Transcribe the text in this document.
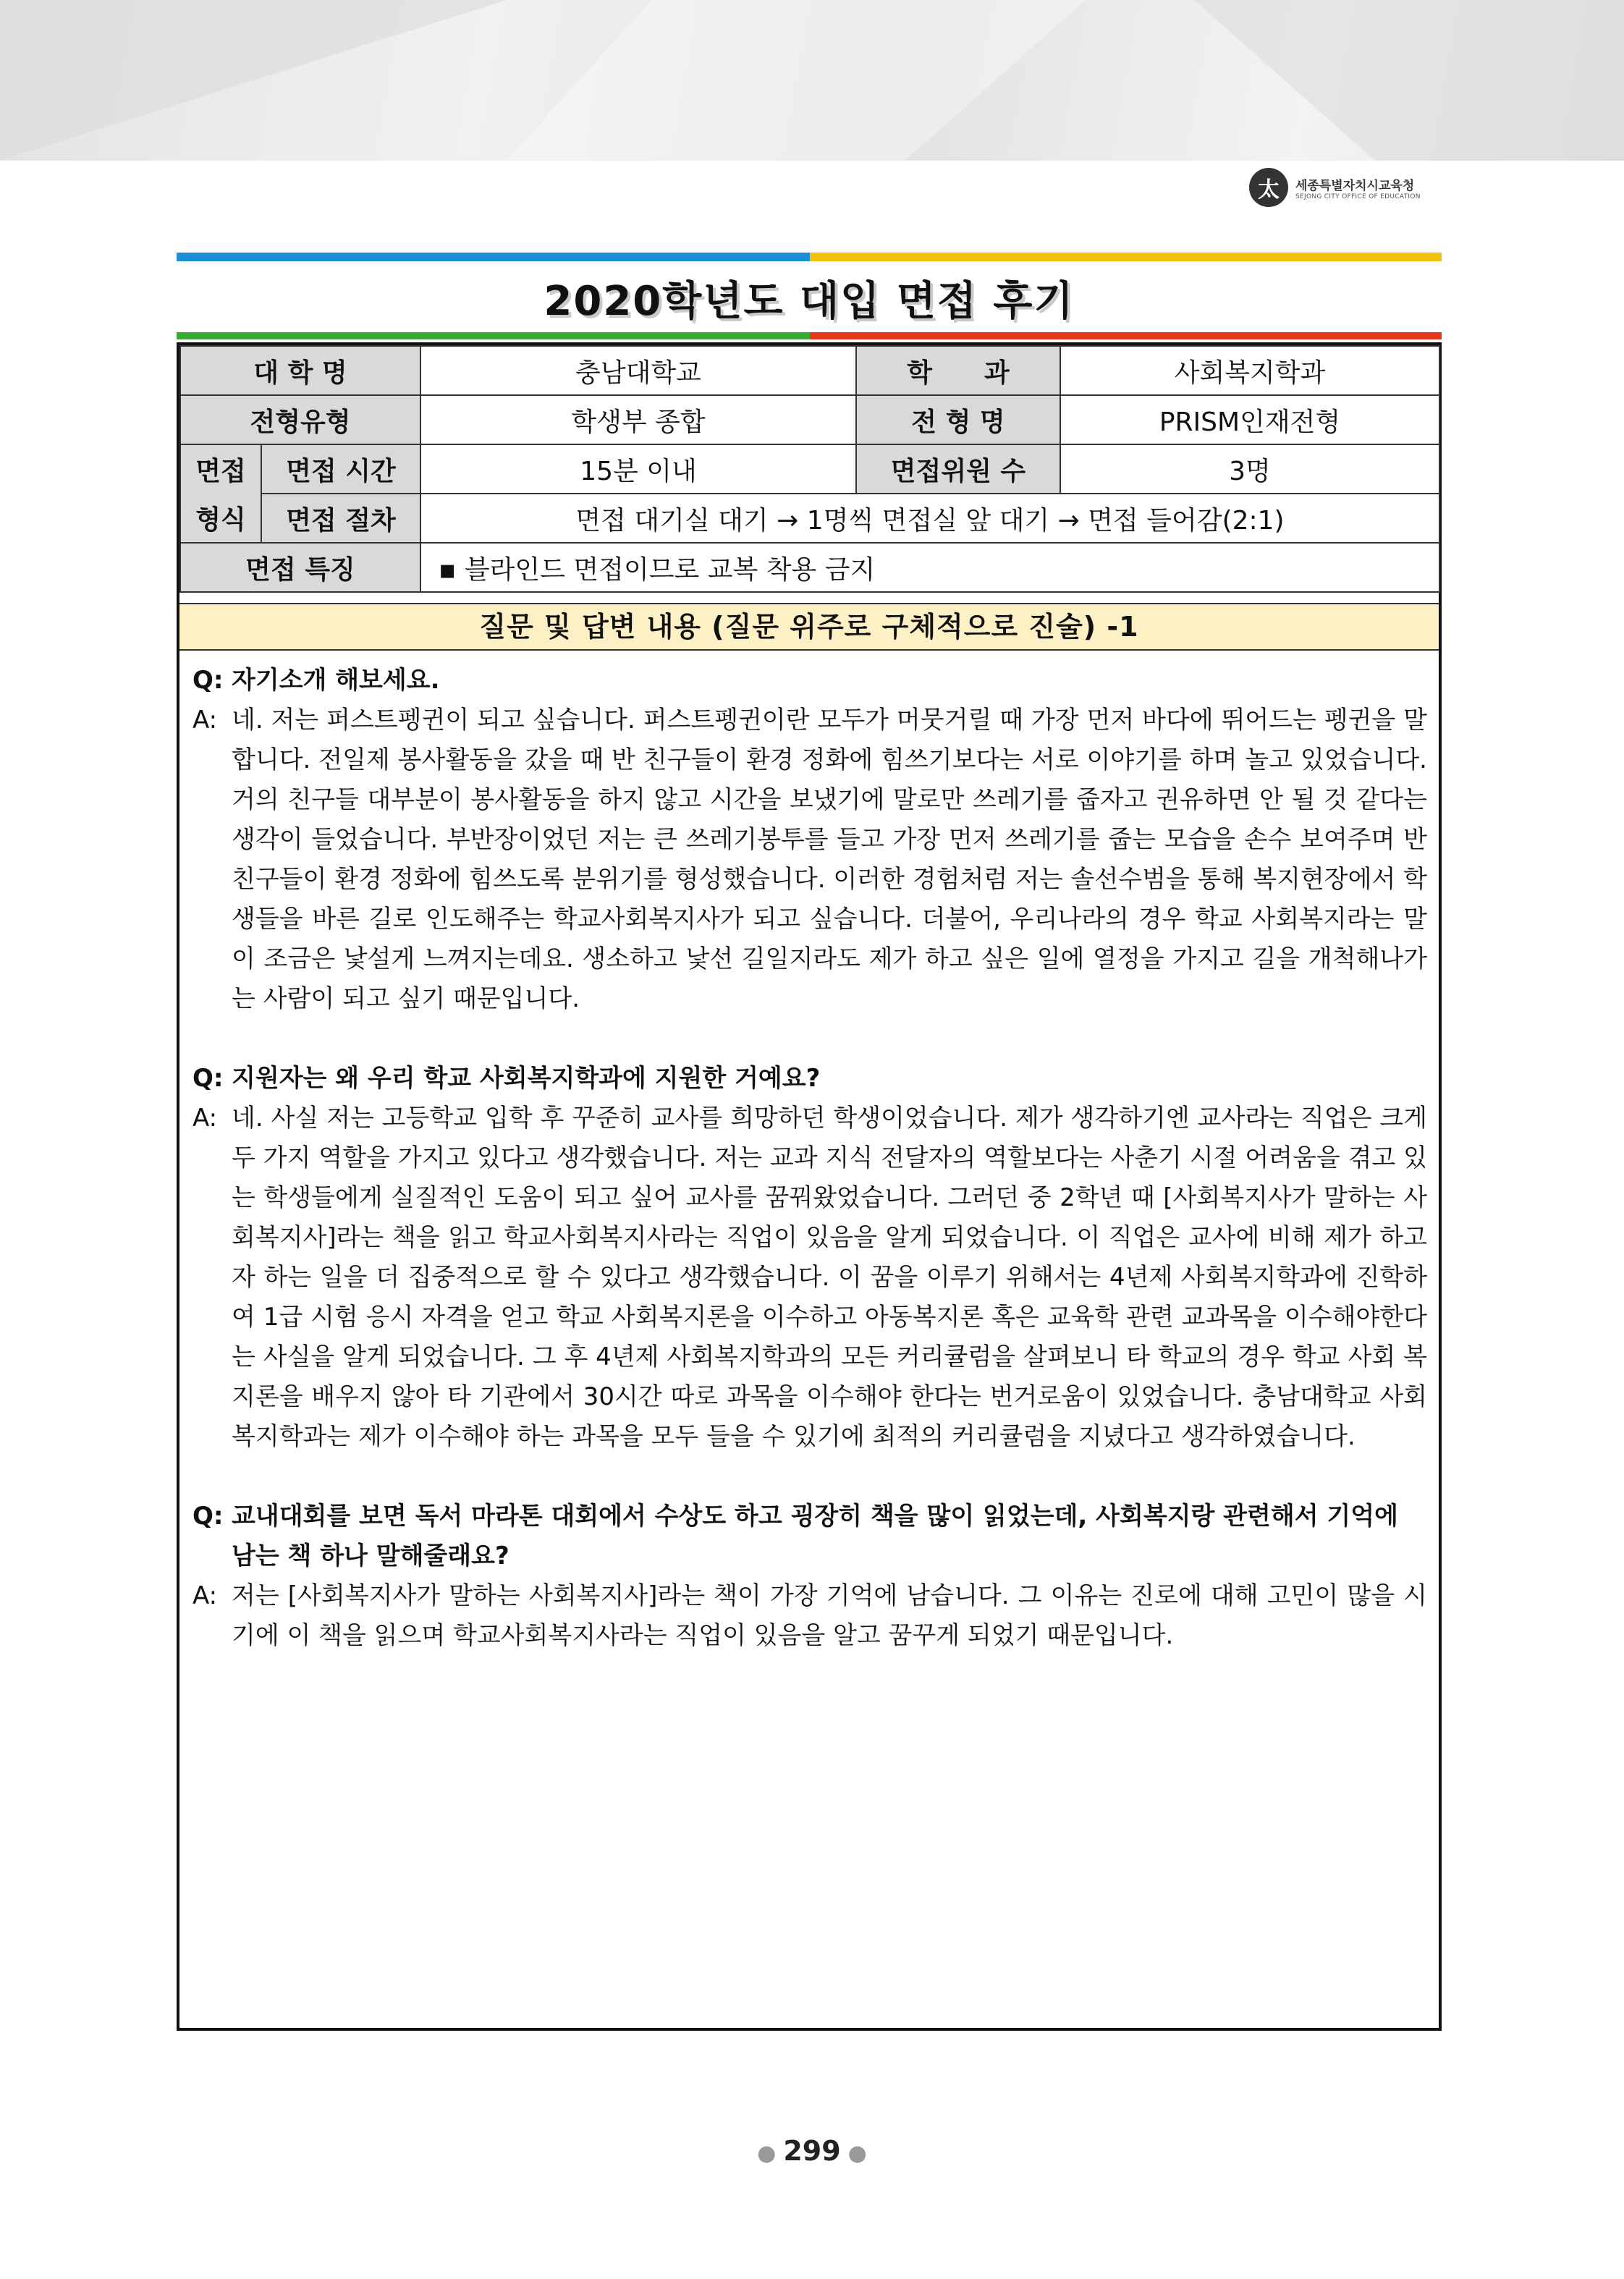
太	세종특별자치시교육청
SEJONG CITY OFFICE OF EDUCATION
2020학년도 대입 면접 후기
대 학 명		충남대학교	학　　과	사회복지학과
전형유형		학생부 종합	전 형 명	PRISM인재전형
면접	면접 시간	15분 이내	면접위원 수	3명
형식	면접 절차	면접 대기실 대기 → 1명씩 면접실 앞 대기 → 면접 들어감(2:1)		
면접 특징		▪ 블라인드 면접이므로 교복 착용 금지		
질문 및 답변 내용 (질문 위주로 구체적으로 진술) -1
Q: 자기소개 해보세요.
A: 네. 저는 퍼스트펭귄이 되고 싶습니다. 퍼스트펭귄이란 모두가 머뭇거릴 때 가장 먼저 바다에 뛰어드는 펭귄을 말합니다. 전일제 봉사활동을 갔을 때 반 친구들이 환경 정화에 힘쓰기보다는 서로 이야기를 하며 놀고 있었습니다. 거의 친구들 대부분이 봉사활동을 하지 않고 시간을 보냈기에 말로만 쓰레기를 줍자고 권유하면 안 될 것 같다는 생각이 들었습니다. 부반장이었던 저는 큰 쓰레기봉투를 들고 가장 먼저 쓰레기를 줍는 모습을 손수 보여주며 반 친구들이 환경 정화에 힘쓰도록 분위기를 형성했습니다. 이러한 경험처럼 저는 솔선수범을 통해 복지현장에서 학생들을 바른 길로 인도해주는 학교사회복지사가 되고 싶습니다. 더불어, 우리나라의 경우 학교 사회복지라는 말이 조금은 낯설게 느껴지는데요. 생소하고 낯선 길일지라도 제가 하고 싶은 일에 열정을 가지고 길을 개척해나가는 사람이 되고 싶기 때문입니다.
Q: 지원자는 왜 우리 학교 사회복지학과에 지원한 거예요?
A: 네. 사실 저는 고등학교 입학 후 꾸준히 교사를 희망하던 학생이었습니다. 제가 생각하기엔 교사라는 직업은 크게 두 가지 역할을 가지고 있다고 생각했습니다. 저는 교과 지식 전달자의 역할보다는 사춘기 시절 어려움을 겪고 있는 학생들에게 실질적인 도움이 되고 싶어 교사를 꿈꿔왔었습니다. 그러던 중 2학년 때 [사회복지사가 말하는 사회복지사]라는 책을 읽고 학교사회복지사라는 직업이 있음을 알게 되었습니다. 이 직업은 교사에 비해 제가 하고자 하는 일을 더 집중적으로 할 수 있다고 생각했습니다. 이 꿈을 이루기 위해서는 4년제 사회복지학과에 진학하여 1급 시험 응시 자격을 얻고 학교 사회복지론을 이수하고 아동복지론 혹은 교육학 관련 교과목을 이수해야한다는 사실을 알게 되었습니다. 그 후 4년제 사회복지학과의 모든 커리큘럼을 살펴보니 타 학교의 경우 학교 사회 복지론을 배우지 않아 타 기관에서 30시간 따로 과목을 이수해야 한다는 번거로움이 있었습니다. 충남대학교 사회복지학과는 제가 이수해야 하는 과목을 모두 들을 수 있기에 최적의 커리큘럼을 지녔다고 생각하였습니다.
Q: 교내대회를 보면 독서 마라톤 대회에서 수상도 하고 굉장히 책을 많이 읽었는데, 사회복지랑 관련해서 기억에 남는 책 하나 말해줄래요?
A: 저는 [사회복지사가 말하는 사회복지사]라는 책이 가장 기억에 남습니다. 그 이유는 진로에 대해 고민이 많을 시기에 이 책을 읽으며 학교사회복지사라는 직업이 있음을 알고 꿈꾸게 되었기 때문입니다.
● 299 ●
